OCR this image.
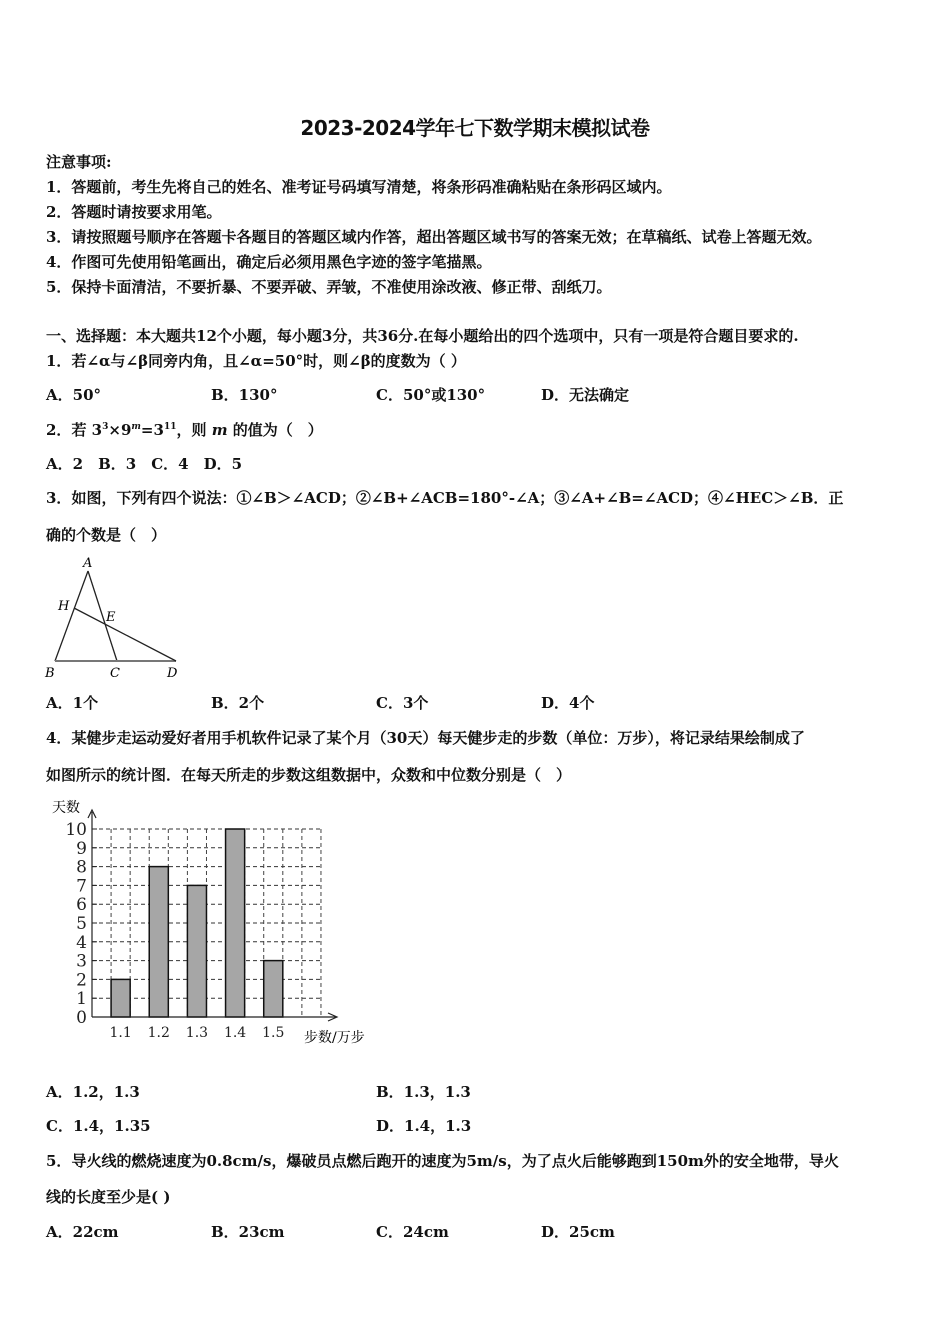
2023-2024学年七下数学期末模拟试卷
注意事项:
1．答题前，考生先将自己的姓名、准考证号码填写清楚，将条形码准确粘贴在条形码区域内。
2．答题时请按要求用笔。
3．请按照题号顺序在答题卡各题目的答题区域内作答，超出答题区域书写的答案无效；在草稿纸、试卷上答题无效。
4．作图可先使用铅笔画出，确定后必须用黑色字迹的签字笔描黑。
5．保持卡面清洁，不要折暴、不要弄破、弄皱，不准使用涂改液、修正带、刮纸刀。
一、选择题：本大题共12个小题，每小题3分，共36分.在每小题给出的四个选项中，只有一项是符合题目要求的.
1．若∠α与∠β同旁内角，且∠α=50°时，则∠β的度数为（ ）
A．50°	B．130°	C．50°或130°	D．无法确定
2．若 $3^3\times 9^m=3^{11}$，则 m 的值为（　）
A．2　B．3　C．4　D．5
3．如图，下列有四个说法：①∠B＞∠ACD；②∠B+∠ACB=180°-∠A；③∠A+∠B=∠ACD；④∠HEC＞∠B．正
确的个数是（　）
A
H
E
B	C	D
A．1个	B．2个	C．3个	D．4个
4．某健步走运动爱好者用手机软件记录了某个月（30天）每天健步走的步数（单位：万步），将记录结果绘制成了
如图所示的统计图．在每天所走的步数这组数据中，众数和中位数分别是（　）
0
1
2
3
4
5
6
7
8
9
10
1.1 1.2 1.3 1.4 1.5
天数
步数/万步
A．1.2，1.3	B．1.3，1.3
C．1.4，1.35	D．1.4，1.3
5．导火线的燃烧速度为0.8cm/s，爆破员点燃后跑开的速度为5m/s，为了点火后能够跑到150m外的安全地带，导火
线的长度至少是( )
A．22cm	B．23cm	C．24cm	D．25cm
